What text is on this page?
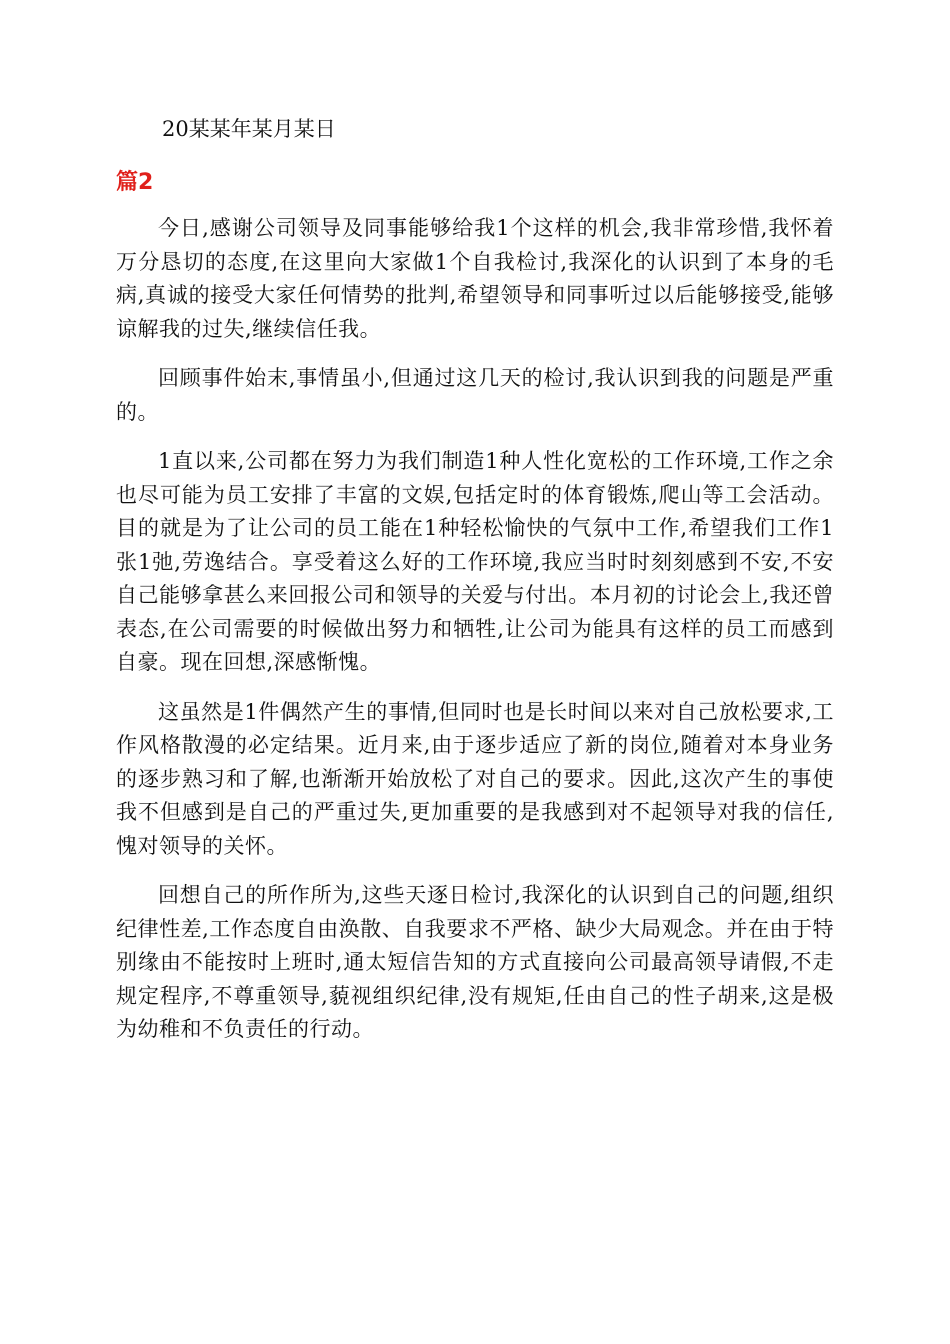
20某某年某月某日
篇2

今日,感谢公司领导及同事能够给我1个这样的机会,我非常珍惜,我怀着万分恳切的态度,在这里向大家做1个自我检讨,我深化的认识到了本身的毛病,真诚的接受大家任何情势的批判,希望领导和同事听过以后能够接受,能够谅解我的过失,继续信任我。

回顾事件始末,事情虽小,但通过这几天的检讨,我认识到我的问题是严重的。

1直以来,公司都在努力为我们制造1种人性化宽松的工作环境,工作之余也尽可能为员工安排了丰富的文娱,包括定时的体育锻炼,爬山等工会活动。目的就是为了让公司的员工能在1种轻松愉快的气氛中工作,希望我们工作1张1弛,劳逸结合。享受着这么好的工作环境,我应当时时刻刻感到不安,不安自己能够拿甚么来回报公司和领导的关爱与付出。本月初的讨论会上,我还曾表态,在公司需要的时候做出努力和牺牲,让公司为能具有这样的员工而感到自豪。现在回想,深感惭愧。

这虽然是1件偶然产生的事情,但同时也是长时间以来对自己放松要求,工作风格散漫的必定结果。近月来,由于逐步适应了新的岗位,随着对本身业务的逐步熟习和了解,也渐渐开始放松了对自己的要求。因此,这次产生的事使我不但感到是自己的严重过失,更加重要的是我感到对不起领导对我的信任,愧对领导的关怀。

回想自己的所作所为,这些天逐日检讨,我深化的认识到自己的问题,组织纪律性差,工作态度自由涣散、自我要求不严格、缺少大局观念。并在由于特别缘由不能按时上班时,通太短信告知的方式直接向公司最高领导请假,不走规定程序,不尊重领导,藐视组织纪律,没有规矩,任由自己的性子胡来,这是极为幼稚和不负责任的行动。
